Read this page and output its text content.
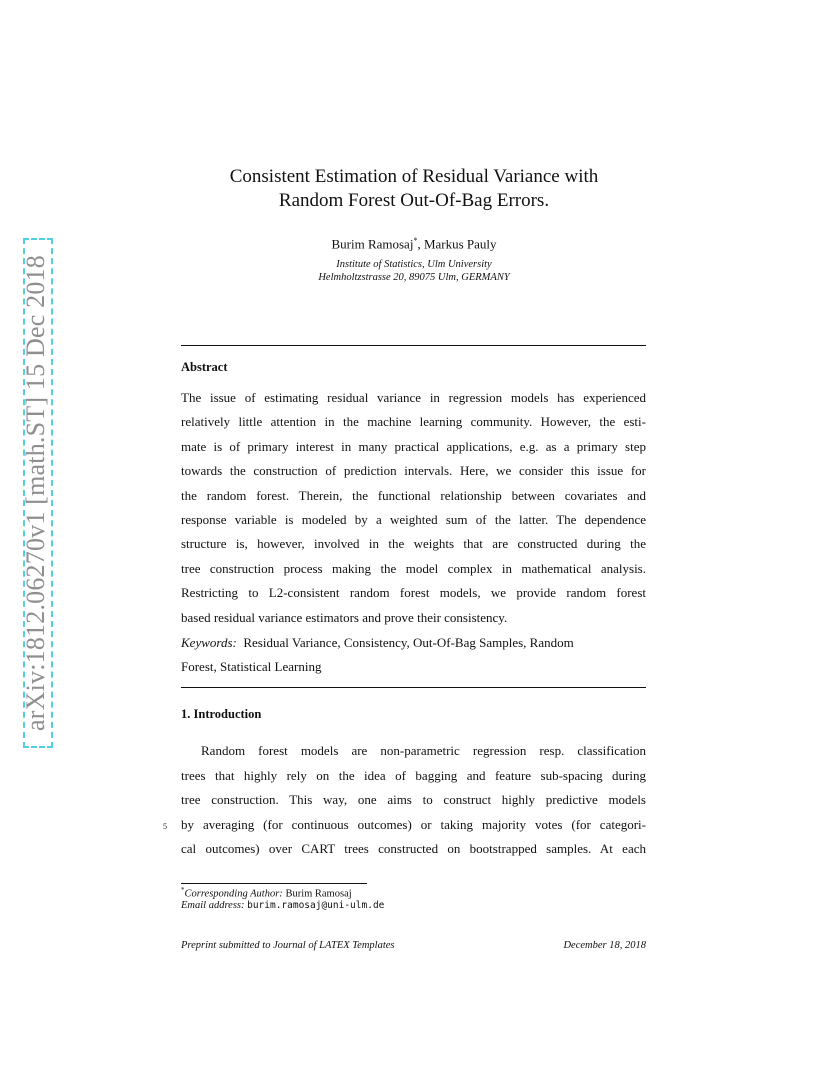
arXiv:1812.06270v1 [math.ST] 15 Dec 2018
Consistent Estimation of Residual Variance with
Random Forest Out-Of-Bag Errors.
Burim Ramosaj*, Markus Pauly
Institute of Statistics, Ulm University
Helmholtzstrasse 20, 89075 Ulm, GERMANY
Abstract
The issue of estimating residual variance in regression models has experienced
relatively little attention in the machine learning community. However, the esti-
mate is of primary interest in many practical applications, e.g. as a primary step
towards the construction of prediction intervals. Here, we consider this issue for
the random forest. Therein, the functional relationship between covariates and
response variable is modeled by a weighted sum of the latter. The dependence
structure is, however, involved in the weights that are constructed during the
tree construction process making the model complex in mathematical analysis.
Restricting to L2-consistent random forest models, we provide random forest
based residual variance estimators and prove their consistency.
Keywords: Residual Variance, Consistency, Out-Of-Bag Samples, Random
Forest, Statistical Learning
1. Introduction
Random forest models are non-parametric regression resp. classification
trees that highly rely on the idea of bagging and feature sub-spacing during
tree construction. This way, one aims to construct highly predictive models
by averaging (for continuous outcomes) or taking majority votes (for categori-
cal outcomes) over CART trees constructed on bootstrapped samples. At each
5
*Corresponding Author: Burim Ramosaj
Email address: burim.ramosaj@uni-ulm.de
Preprint submitted to Journal of LATEX Templates	December 18, 2018
